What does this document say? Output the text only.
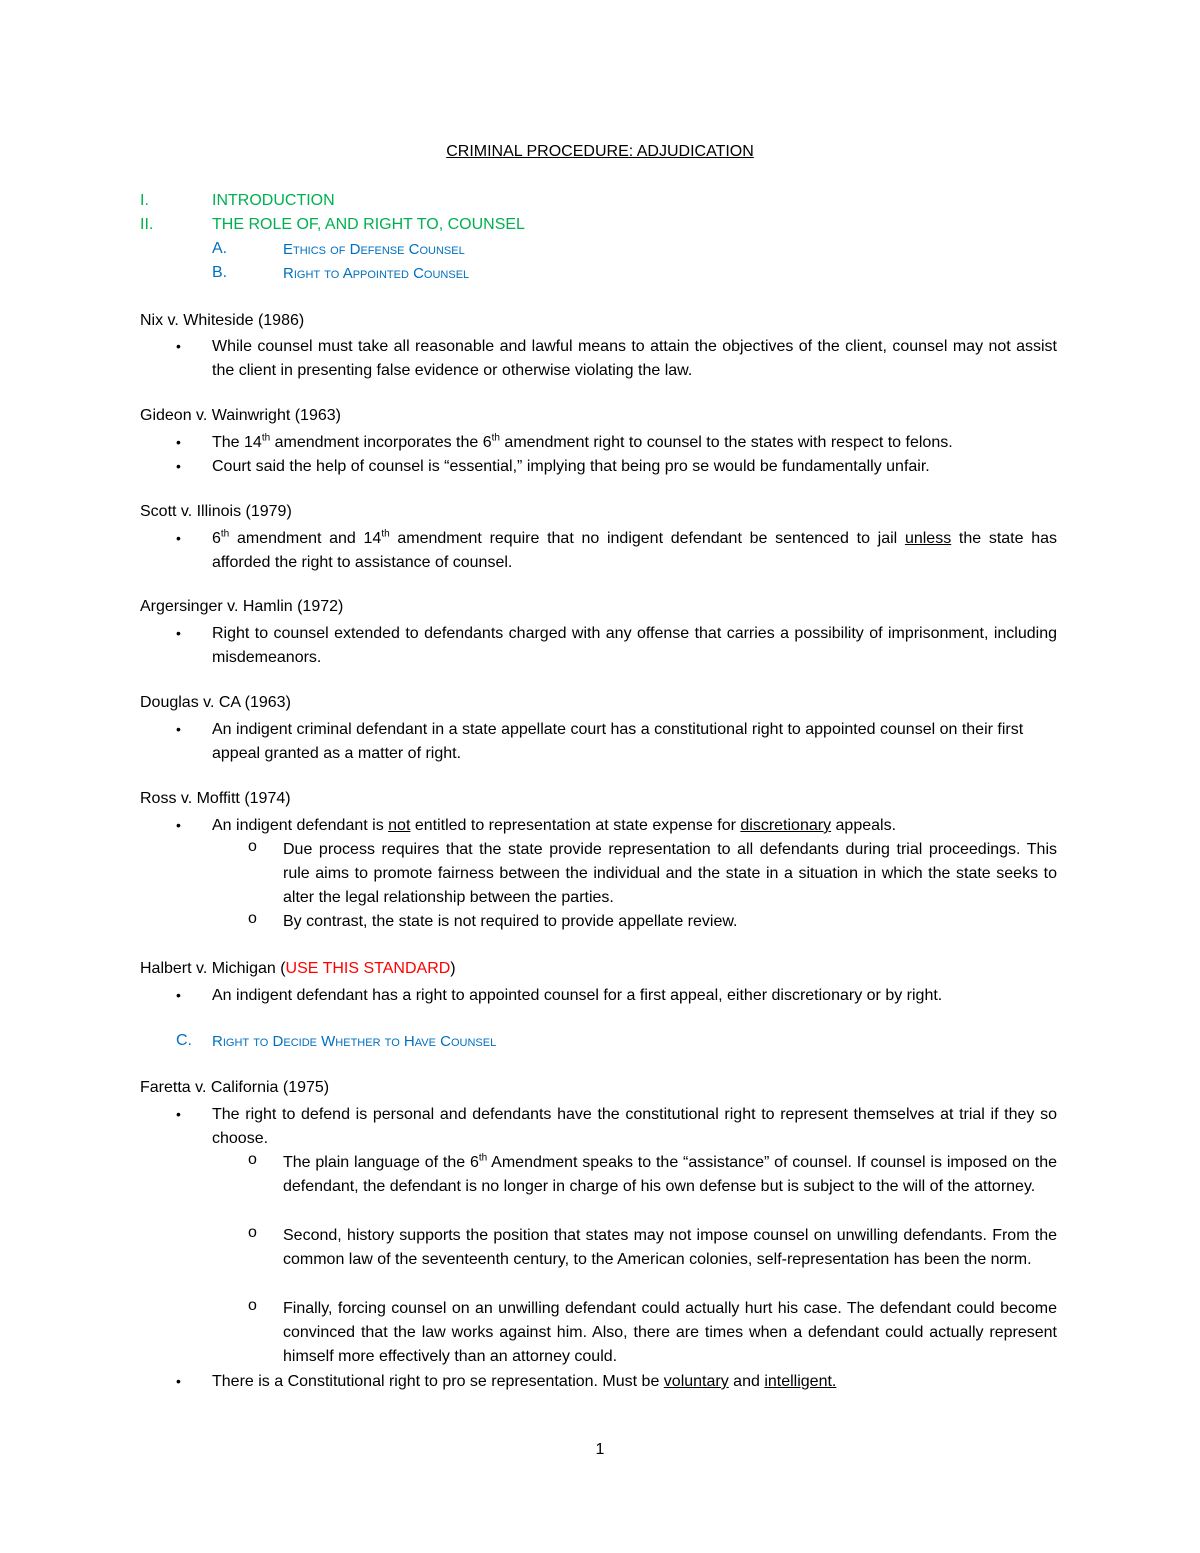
CRIMINAL PROCEDURE: ADJUDICATION
I.	INTRODUCTION
II.	THE ROLE OF, AND RIGHT TO, COUNSEL
A.	Ethics of Defense Counsel
B.	Right to Appointed Counsel
Nix v. Whiteside (1986)
• While counsel must take all reasonable and lawful means to attain the objectives of the client, counsel may not assist the client in presenting false evidence or otherwise violating the law.
Gideon v. Wainwright (1963)
• The 14th amendment incorporates the 6th amendment right to counsel to the states with respect to felons.
• Court said the help of counsel is “essential,” implying that being pro se would be fundamentally unfair.
Scott v. Illinois (1979)
• 6th amendment and 14th amendment require that no indigent defendant be sentenced to jail unless the state has afforded the right to assistance of counsel.
Argersinger v. Hamlin (1972)
• Right to counsel extended to defendants charged with any offense that carries a possibility of imprisonment, including misdemeanors.
Douglas v. CA (1963)
• An indigent criminal defendant in a state appellate court has a constitutional right to appointed counsel on their first appeal granted as a matter of right.
Ross v. Moffitt (1974)
• An indigent defendant is not entitled to representation at state expense for discretionary appeals.
o Due process requires that the state provide representation to all defendants during trial proceedings. This rule aims to promote fairness between the individual and the state in a situation in which the state seeks to alter the legal relationship between the parties.
o By contrast, the state is not required to provide appellate review.
Halbert v. Michigan (USE THIS STANDARD)
• An indigent defendant has a right to appointed counsel for a first appeal, either discretionary or by right.
C. Right to Decide Whether to Have Counsel
Faretta v. California (1975)
• The right to defend is personal and defendants have the constitutional right to represent themselves at trial if they so choose.
o The plain language of the 6th Amendment speaks to the “assistance” of counsel. If counsel is imposed on the defendant, the defendant is no longer in charge of his own defense but is subject to the will of the attorney.
o Second, history supports the position that states may not impose counsel on unwilling defendants. From the common law of the seventeenth century, to the American colonies, self-representation has been the norm.
o Finally, forcing counsel on an unwilling defendant could actually hurt his case. The defendant could become convinced that the law works against him. Also, there are times when a defendant could actually represent himself more effectively than an attorney could.
• There is a Constitutional right to pro se representation. Must be voluntary and intelligent.
1
